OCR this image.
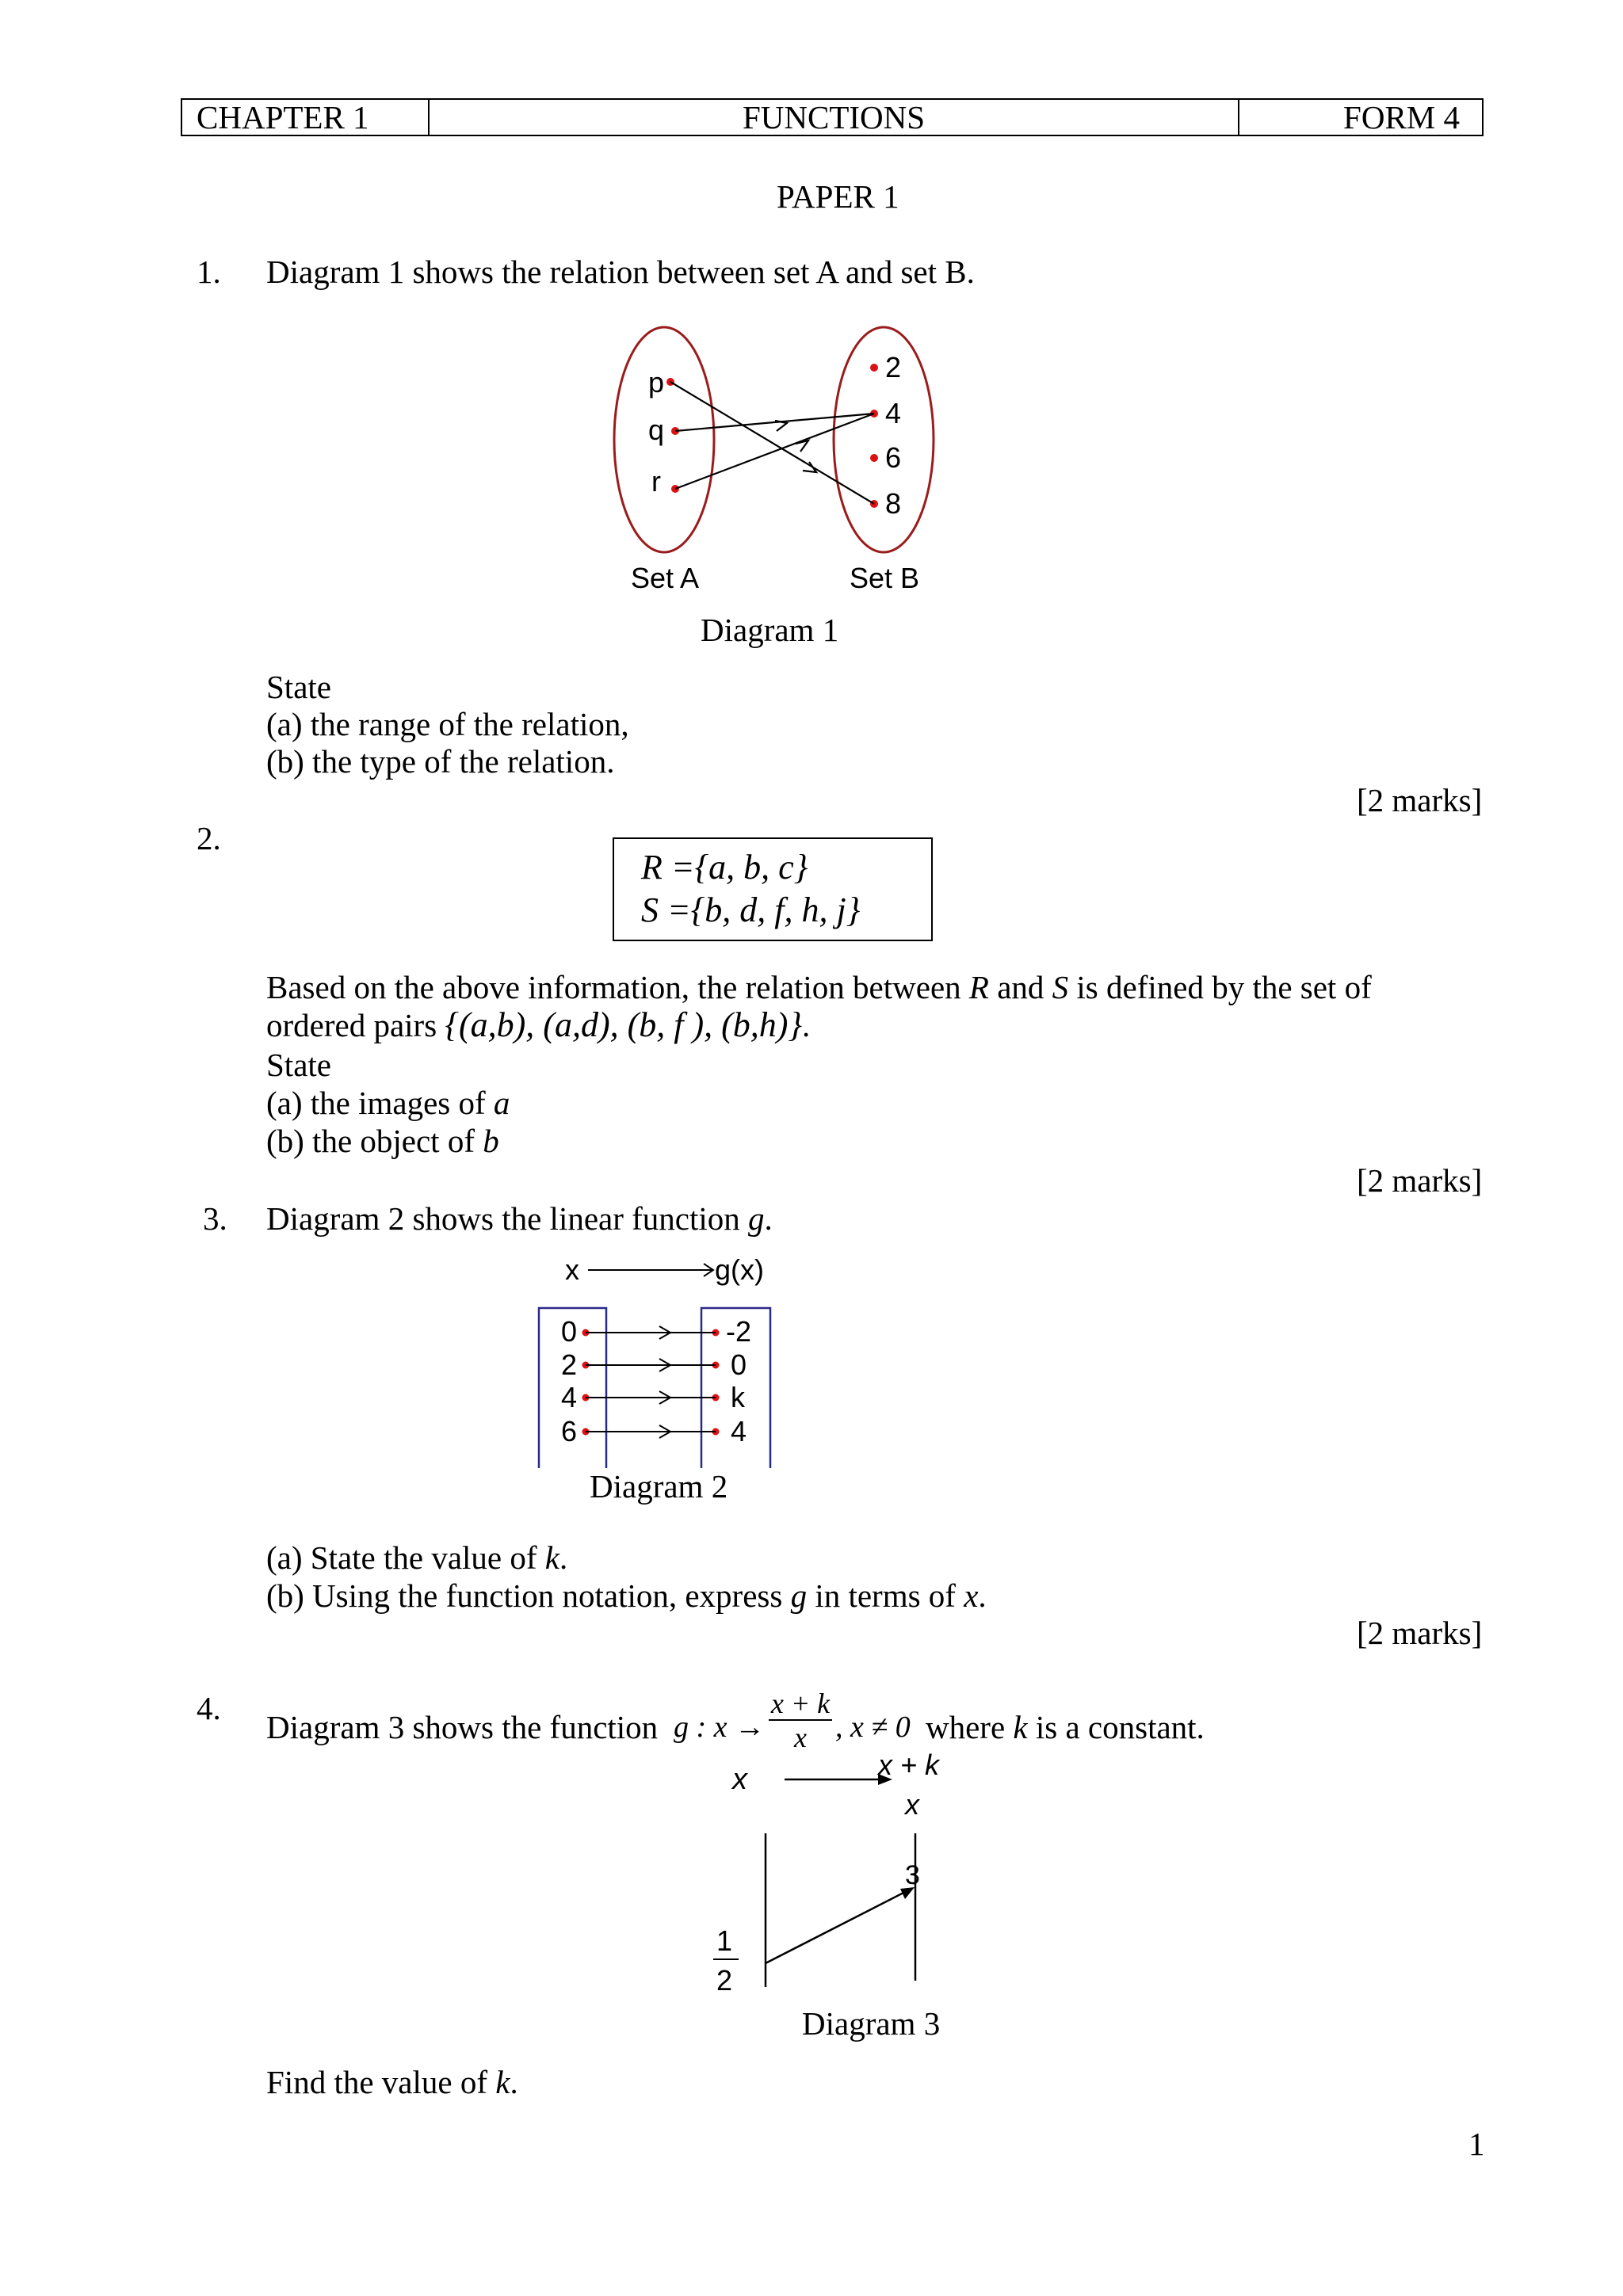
CHAPTER 1	FUNCTIONS	FORM 4
PAPER 1
1. Diagram 1 shows the relation between set A and set B.
p
q
r
2
4
6
8
Set A	Set B
Diagram 1
State
(a) the range of the relation,
(b) the type of the relation.
[2 marks]
2.
R ={a, b, c}
S ={b, d, f, h, j}
Based on the above information, the relation between R and S is defined by the set of
ordered pairs {(a,b), (a,d), (b, f ), (b,h)}.
State
(a) the images of a
(b) the object of b
[2 marks]
3. Diagram 2 shows the linear function g.
x	g(x)
0
2
4
6
-2
0
k
4
Diagram 2
(a) State the value of k.
(b) Using the function notation, express g in terms of x.
[2 marks]
4.
Diagram 3 shows the function g : $x \to \frac{x + k}{x}$ , x ≠ 0 where k is a constant.
x	x + k
x
3
1
2
Diagram 3
Find the value of k.
1
